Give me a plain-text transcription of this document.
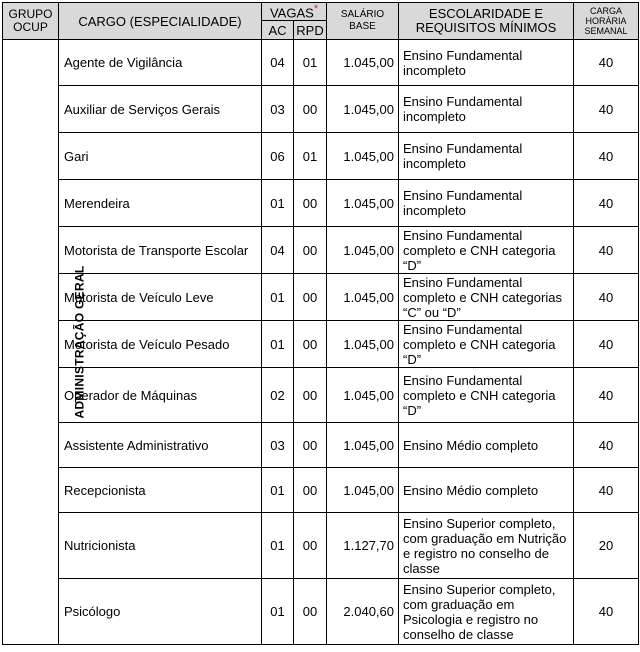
GRUPO OCUP	CARGO (ESPECIALIDADE)	VAGAS*		SALÁRIO BASE	ESCOLARIDADE E REQUISITOS MÍNIMOS	CARGA HORÁRIA SEMANAL
		AC	RPD			
ADMINISTRAÇÃO GERAL	Agente de Vigilância	04	01	1.045,00	Ensino Fundamental incompleto	40
	Auxiliar de Serviços Gerais	03	00	1.045,00	Ensino Fundamental incompleto	40
	Gari	06	01	1.045,00	Ensino Fundamental incompleto	40
	Merendeira	01	00	1.045,00	Ensino Fundamental incompleto	40
	Motorista de Transporte Escolar	04	00	1.045,00	Ensino Fundamental completo e CNH categoria “D”	40
	Motorista de Veículo Leve	01	00	1.045,00	Ensino Fundamental completo e CNH categorias “C” ou “D”	40
	Motorista de Veículo Pesado	01	00	1.045,00	Ensino Fundamental completo e CNH categoria “D”	40
	Operador de Máquinas	02	00	1.045,00	Ensino Fundamental completo e CNH categoria “D”	40
	Assistente Administrativo	03	00	1.045,00	Ensino Médio completo	40
	Recepcionista	01	00	1.045,00	Ensino Médio completo	40
	Nutricionista	01	00	1.127,70	Ensino Superior completo, com graduação em Nutrição e registro no conselho de classe	20
	Psicólogo	01	00	2.040,60	Ensino Superior completo, com graduação em Psicologia e registro no conselho de classe	40
